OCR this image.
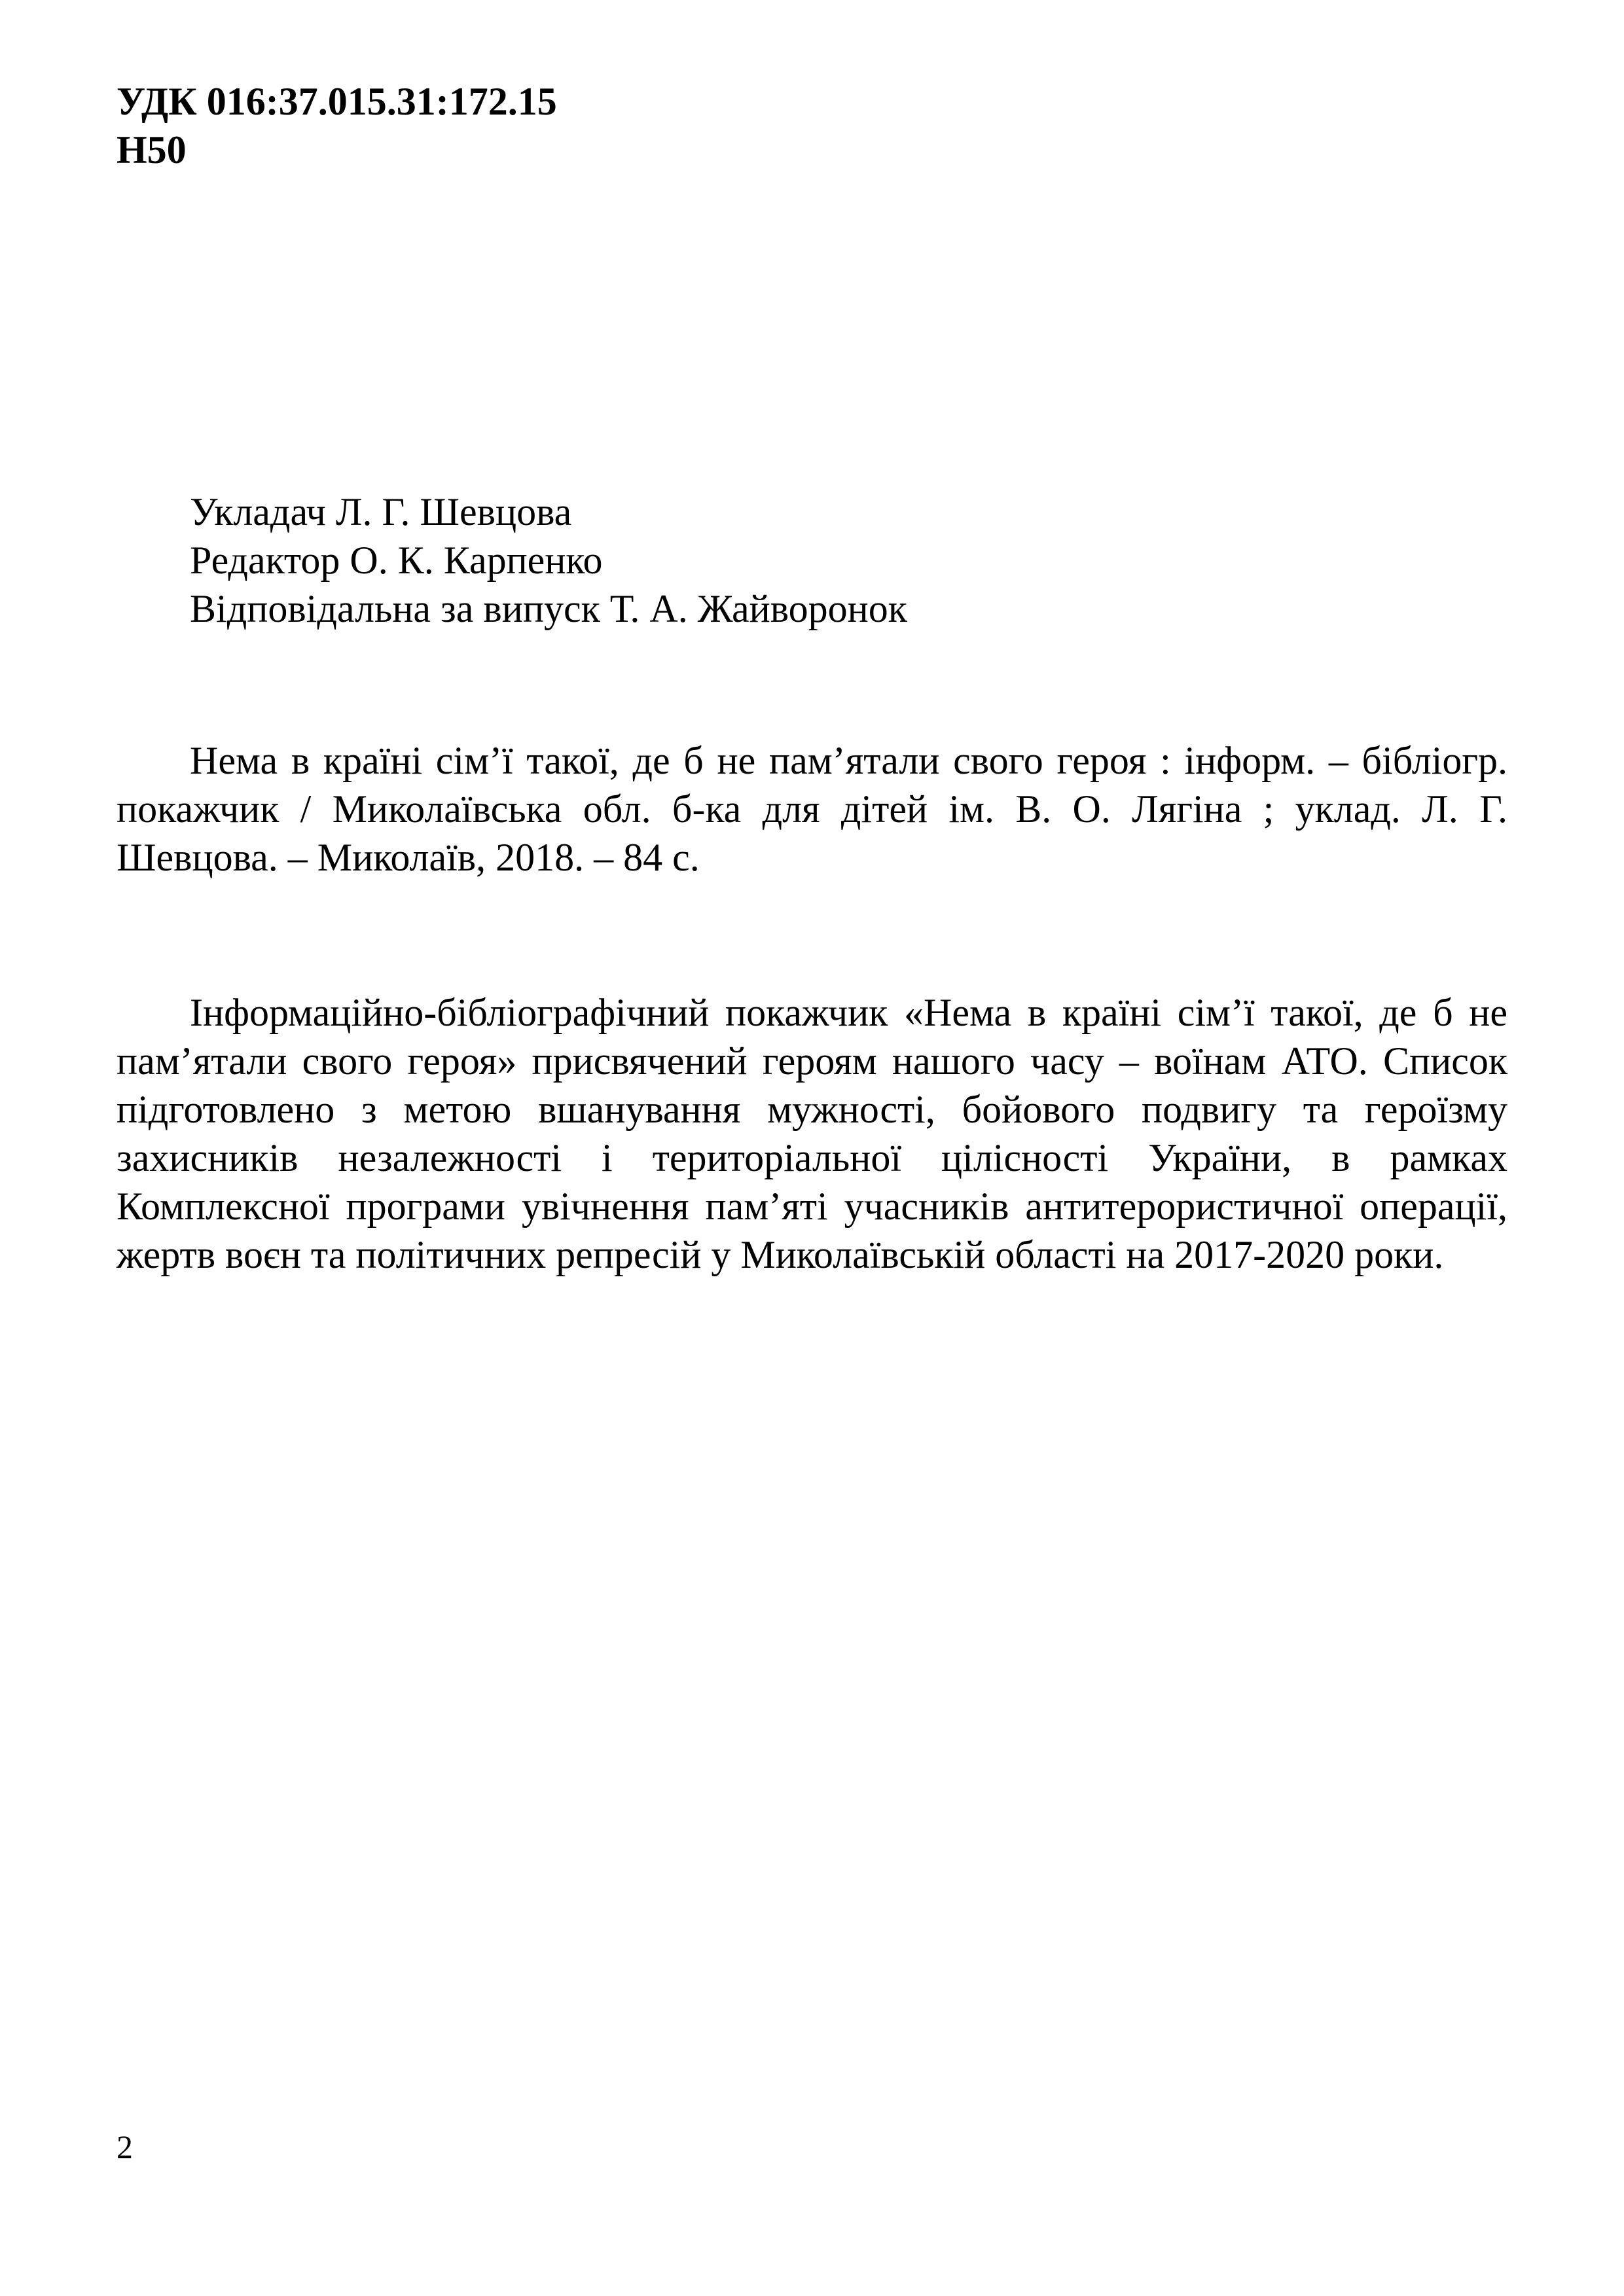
УДК 016:37.015.31:172.15
Н50
Укладач Л. Г. Шевцова
Редактор О. К. Карпенко
Відповідальна за випуск Т. А. Жайворонок

Нема в країні сім’ї такої, де б не пам’ятали свого героя : інформ. – бібліогр. покажчик / Миколаївська обл. б-ка для дітей ім. В. О. Лягіна ; уклад. Л. Г. Шевцова. – Миколаїв, 2018. – 84 с.

Інформаційно-бібліографічний покажчик «Нема в країні сім’ї такої, де б не пам’ятали свого героя» присвячений героям нашого часу – воїнам АТО. Список підготовлено з метою вшанування мужності, бойового подвигу та героїзму захисників незалежності і територіальної цілісності України, в рамках Комплексної програми увічнення пам’яті учасників антитерористичної операції, жертв воєн та політичних репресій у Миколаївській області на 2017-2020 роки.

2
